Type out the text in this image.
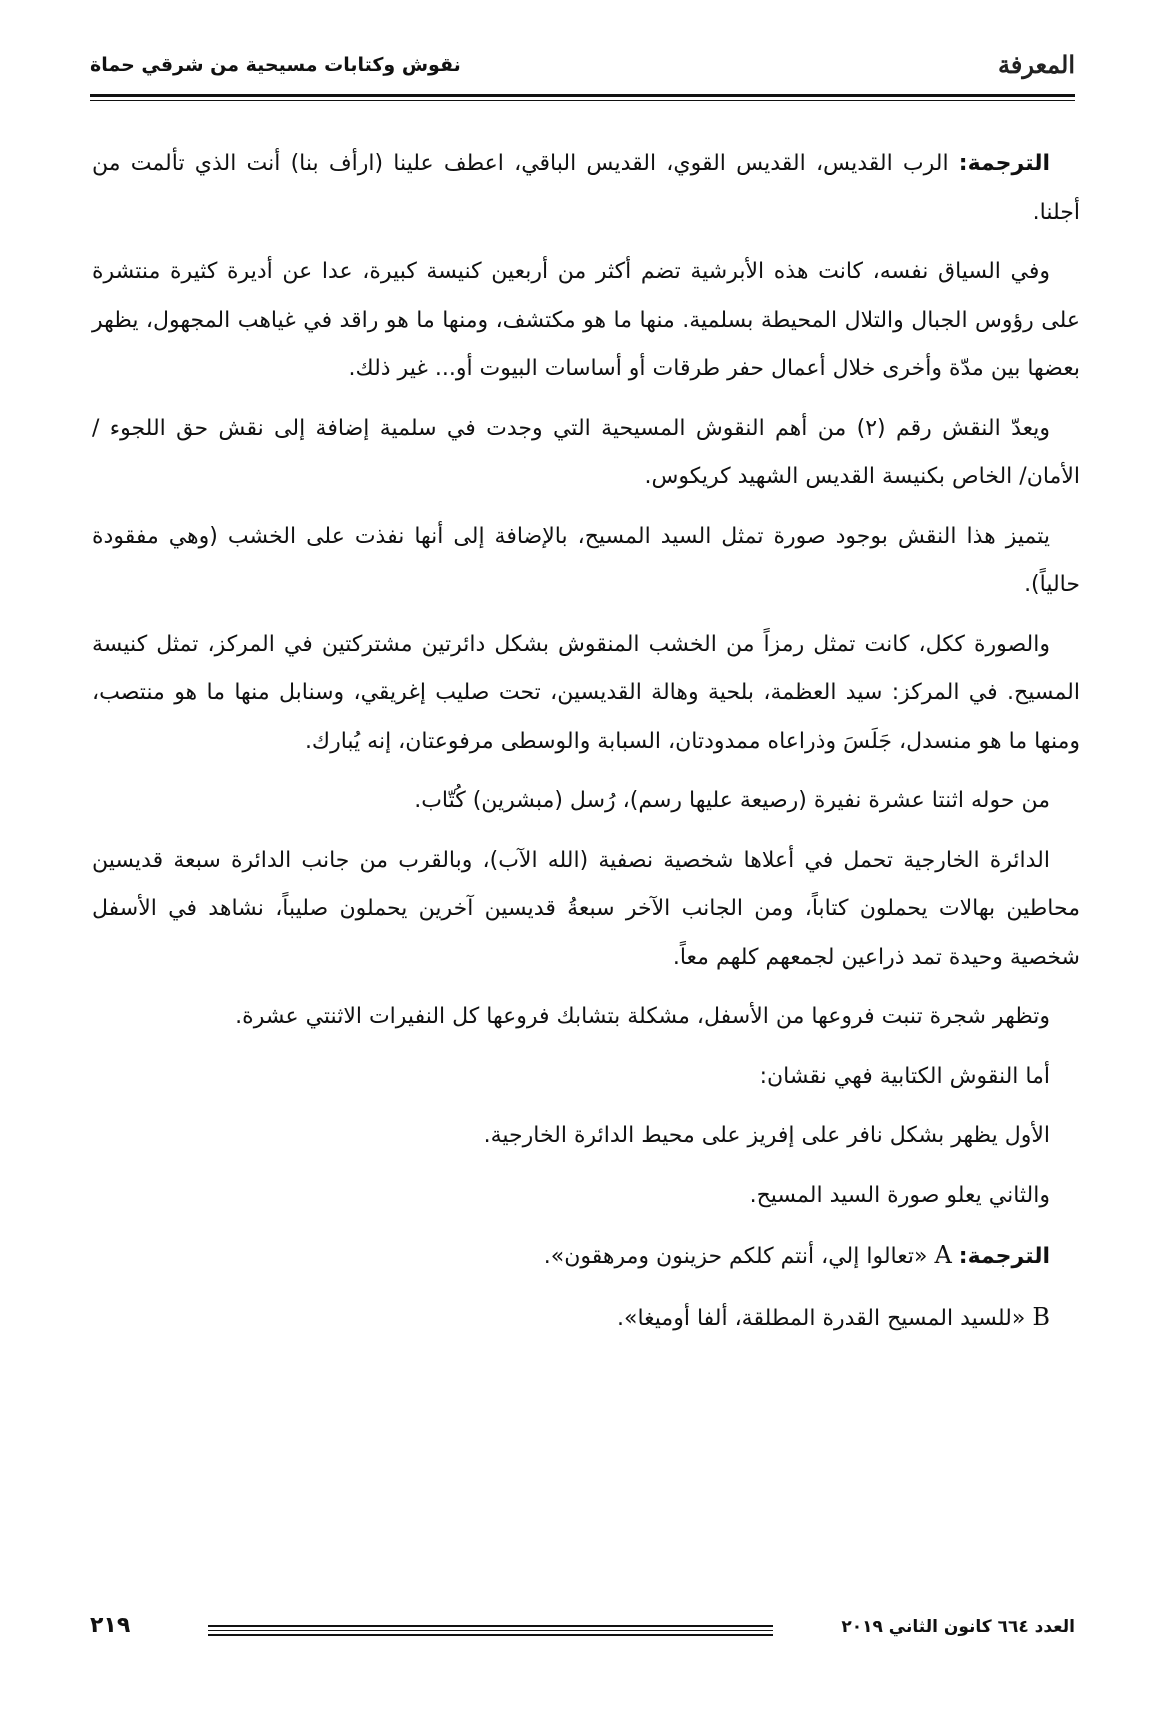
المعرفة
نقوش وكتابات مسيحية من شرقي حماة

الترجمة: الرب القديس، القديس القوي، القديس الباقي، اعطف علينا (ارأف بنا) أنت الذي تألمت من أجلنا.

وفي السياق نفسه، كانت هذه الأبرشية تضم أكثر من أربعين كنيسة كبيرة، عدا عن أديرة كثيرة منتشرة على رؤوس الجبال والتلال المحيطة بسلمية. منها ما هو مكتشف، ومنها ما هو راقد في غياهب المجهول، يظهر بعضها بين مدّة وأخرى خلال أعمال حفر طرقات أو أساسات البيوت أو... غير ذلك.

ويعدّ النقش رقم (٢) من أهم النقوش المسيحية التي وجدت في سلمية إضافة إلى نقش حق اللجوء /الأمان/ الخاص بكنيسة القديس الشهيد كريكوس.

يتميز هذا النقش بوجود صورة تمثل السيد المسيح، بالإضافة إلى أنها نفذت على الخشب (وهي مفقودة حالياً).

والصورة ككل، كانت تمثل رمزاً من الخشب المنقوش بشكل دائرتين مشتركتين في المركز، تمثل كنيسة المسيح. في المركز: سيد العظمة، بلحية وهالة القديسين، تحت صليب إغريقي، وسنابل منها ما هو منتصب، ومنها ما هو منسدل، جَلَسَ وذراعاه ممدودتان، السبابة والوسطى مرفوعتان، إنه يُبارك.

من حوله اثنتا عشرة نفيرة (رصيعة عليها رسم)، رُسل (مبشرين) كُتّاب.

الدائرة الخارجية تحمل في أعلاها شخصية نصفية (الله الآب)، وبالقرب من جانب الدائرة سبعة قديسين محاطين بهالات يحملون كتاباً، ومن الجانب الآخر سبعةُ قديسين آخرين يحملون صليباً، نشاهد في الأسفل شخصية وحيدة تمد ذراعين لجمعهم كلهم معاً.

وتظهر شجرة تنبت فروعها من الأسفل، مشكلة بتشابك فروعها كل النفيرات الاثنتي عشرة.

أما النقوش الكتابية فهي نقشان:

الأول يظهر بشكل نافر على إفريز على محيط الدائرة الخارجية.

والثاني يعلو صورة السيد المسيح.

الترجمة: A «تعالوا إلي، أنتم كلكم حزينون ومرهقون».

B «للسيد المسيح القدرة المطلقة، ألفا أوميغا».

العدد ٦٦٤ كانون الثاني ٢٠١٩
٢١٩
